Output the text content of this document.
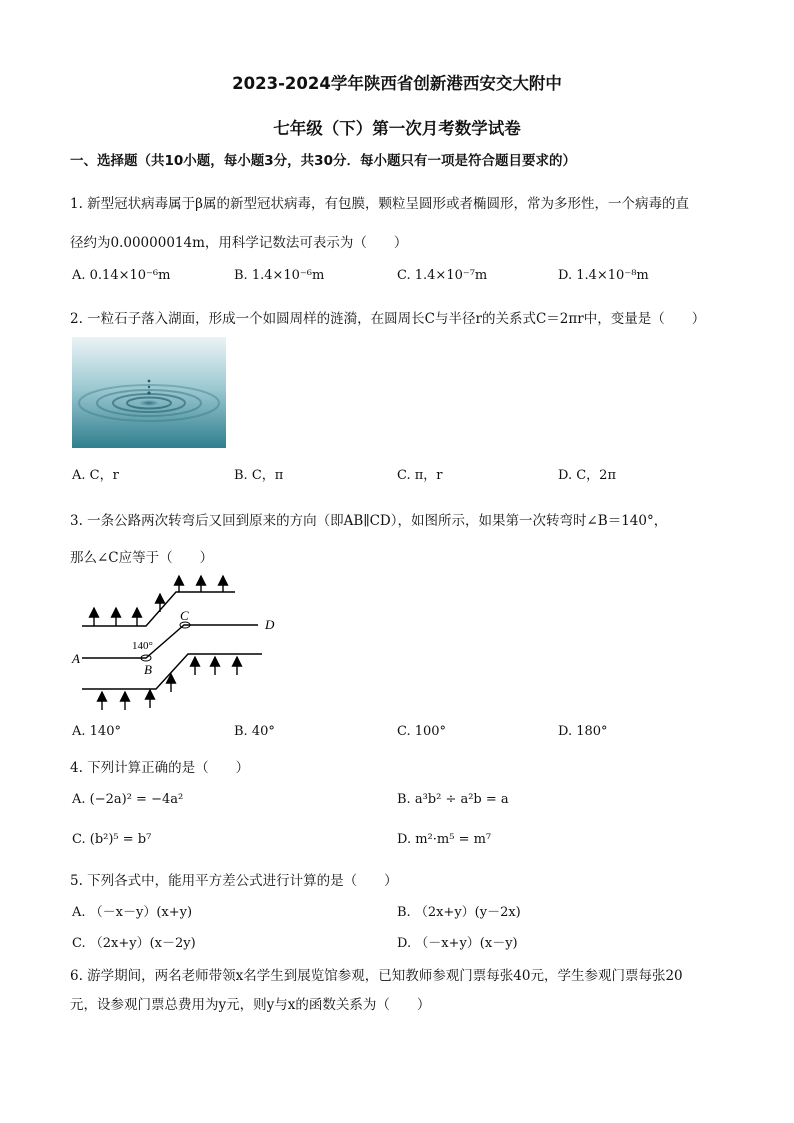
2023-2024学年陕西省创新港西安交大附中
七年级（下）第一次月考数学试卷
一、选择题（共10小题，每小题3分，共30分．每小题只有一项是符合题目要求的）
1. 新型冠状病毒属于β属的新型冠状病毒，有包膜，颗粒呈圆形或者椭圆形，常为多形性，一个病毒的直
径约为0.00000014m，用科学记数法可表示为（　　）
A. 0.14×10⁻⁶m	B. 1.4×10⁻⁶m	C. 1.4×10⁻⁷m	D. 1.4×10⁻⁸m
2. 一粒石子落入湖面，形成一个如圆周样的涟漪，在圆周长C与半径r的关系式C＝2πr中，变量是（　　）
A. C，r	B. C，π	C. π，r	D. C，2π
3. 一条公路两次转弯后又回到原来的方向（即AB∥CD），如图所示，如果第一次转弯时∠B＝140°，
那么∠C应等于（　　）
A
B
C
D
140°
A. 140°	B. 40°	C. 100°	D. 180°
4. 下列计算正确的是（　　）
A. (−2a)² = −4a²	B. a³b² ÷ a²b = a
C. (b²)⁵ = b⁷	D. m²·m⁵ = m⁷
5. 下列各式中，能用平方差公式进行计算的是（　　）
A. （－x－y）(x+y)	B. （2x+y）(y－2x)
C. （2x+y）(x－2y)	D. （－x+y）(x－y)
6. 游学期间，两名老师带领x名学生到展览馆参观，已知教师参观门票每张40元，学生参观门票每张20
元，设参观门票总费用为y元，则y与x的函数关系为（　　）
